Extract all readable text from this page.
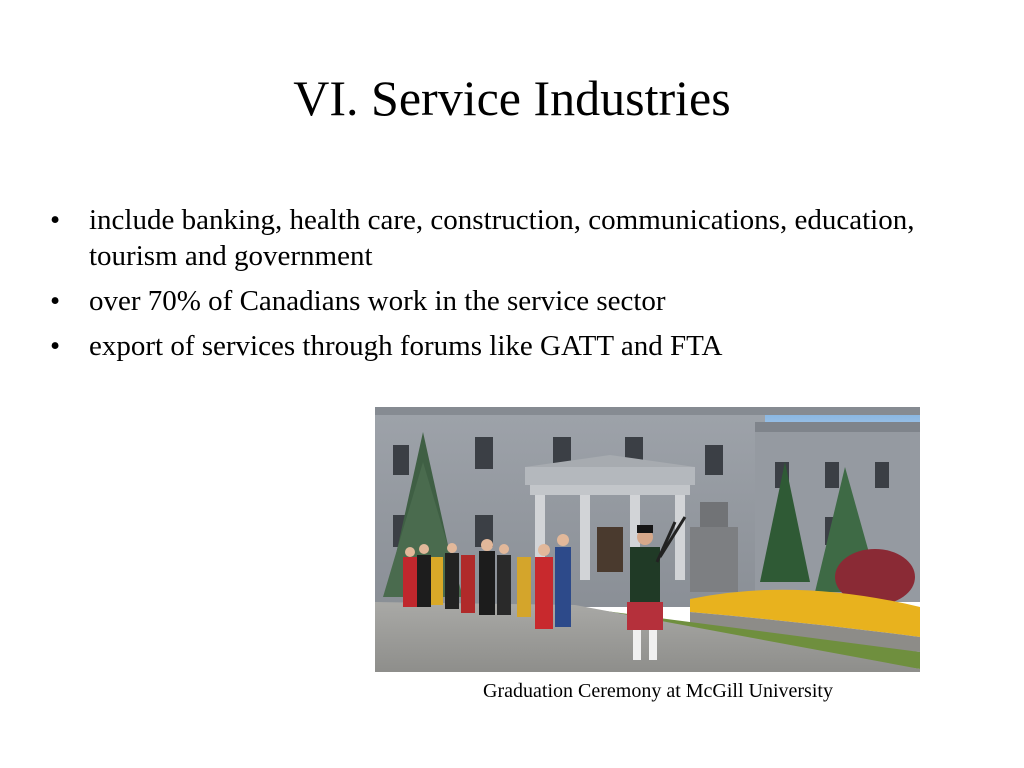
VI. Service Industries
• include banking, health care, construction, communications, education, tourism and government
• over 70% of Canadians work in the service sector
• export of services through forums like GATT and FTA
Graduation Ceremony at McGill University
